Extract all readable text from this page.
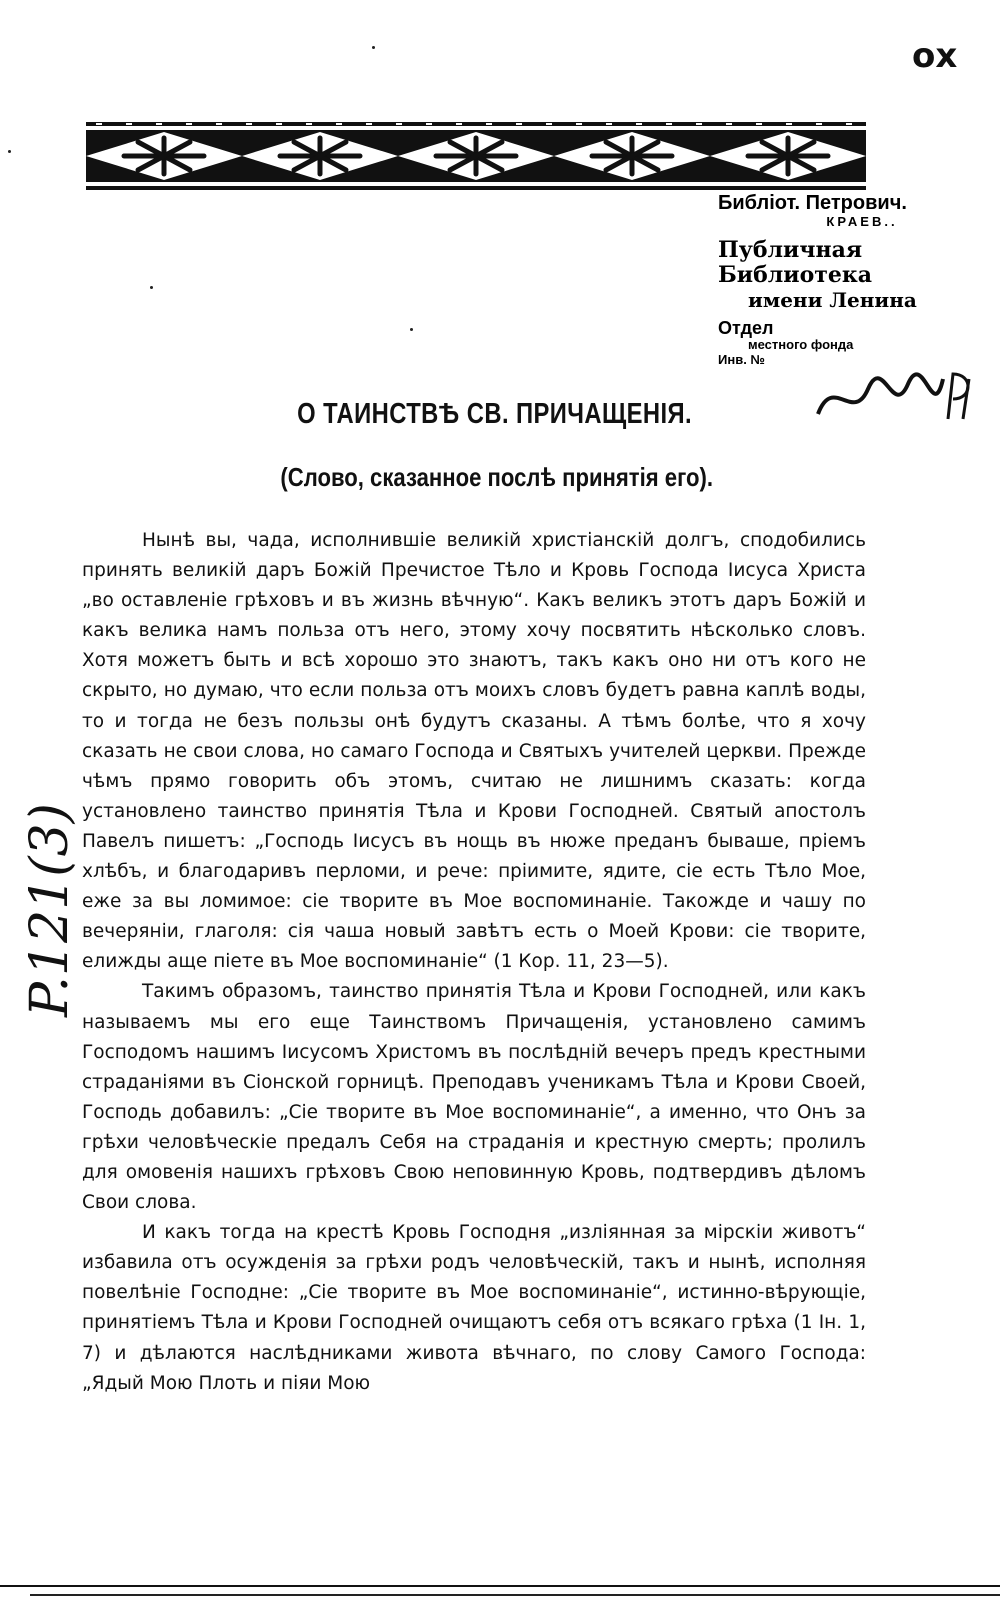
ox
Библіот. Петрович.
КРАЕВ..
Публичная Библиотека
имени Ленина
Отдел
местного фонда
Инв. №
P.121(3)
О ТАИНСТВѢ СВ. ПРИЧАЩЕНІЯ.
(Слово, сказанное послѣ принятія его).

Нынѣ вы, чада, исполнившіе великій христіанскій долгъ, сподобились принять великій даръ Божій Пречистое Тѣло и Кровь Господа Іисуса Христа „во оставленіе грѣховъ и въ жизнь вѣчную“. Какъ великъ этотъ даръ Божій и какъ велика намъ польза отъ него, этому хочу посвятить нѣсколько словъ. Хотя можетъ быть и всѣ хорошо это знаютъ, такъ какъ оно ни отъ кого не скрыто, но думаю, что если польза отъ моихъ словъ будетъ равна каплѣ воды, то и тогда не безъ пользы онѣ будутъ сказаны. А тѣмъ болѣе, что я хочу сказать не свои слова, но самаго Господа и Святыхъ учителей церкви. Прежде чѣмъ прямо говорить объ этомъ, считаю не лишнимъ сказать: когда установлено таинство принятія Тѣла и Крови Господней. Святый апостолъ Павелъ пишетъ: „Господь Іисусъ въ нощь въ нюже преданъ бываше, пріемъ хлѣбъ, и благодаривъ перломи, и рече: пріимите, ядите, сіе есть Тѣло Мое, еже за вы ломимое: сіе творите въ Мое воспоминаніе. Такожде и чашу по вечеряніи, глаголя: сія чаша новый завѣтъ есть о Моей Крови: сіе творите, елижды аще піете въ Мое воспоминаніе“ (1 Кор. 11, 23—5).

Такимъ образомъ, таинство принятія Тѣла и Крови Господней, или какъ называемъ мы его еще Таинствомъ Причащенія, установлено самимъ Господомъ нашимъ Іисусомъ Христомъ въ послѣдній вечеръ предъ крестными страданіями въ Сіонской горницѣ. Преподавъ ученикамъ Тѣла и Крови Своей, Господь добавилъ: „Сіе творите въ Мое воспоминаніе“, а именно, что Онъ за грѣхи человѣческіе предалъ Себя на страданія и крестную смерть; пролилъ для омовенія нашихъ грѣховъ Свою неповинную Кровь, подтвердивъ дѣломъ Свои слова.

И какъ тогда на крестѣ Кровь Господня „изліянная за мірскіи животъ“ избавила отъ осужденія за грѣхи родъ человѣческій, такъ и нынѣ, исполняя повелѣніе Господне: „Сіе творите въ Мое воспоминаніе“, истинно-вѣрующіе, принятіемъ Тѣла и Крови Господней очищаютъ себя отъ всякаго грѣха (1 Ін. 1, 7) и дѣлаются наслѣдниками живота вѣчнаго, по слову Самого Господа: „Ядый Мою Плоть и піяи Мою
